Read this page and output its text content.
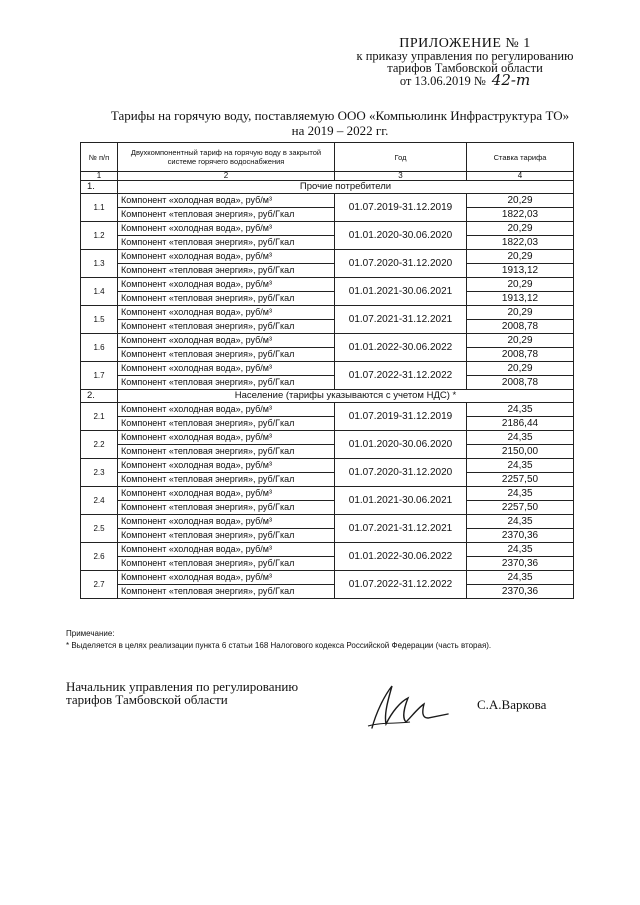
ПРИЛОЖЕНИЕ № 1
к приказу управления по регулированию
тарифов Тамбовской области
от 13.06.2019 № 42-т
Тарифы на горячую воду, поставляемую ООО «Компьюлинк Инфраструктура ТО»
на 2019 – 2022 гг.
№ п/п	Двухкомпонентный тариф на горячую воду в закрытой системе горячего водоснабжения	Год	Ставка тарифа
1	2	3	4
1.	Прочие потребители		
1.1	Компонент «холодная вода», руб/м³	01.07.2019-31.12.2019	20,29
	Компонент «тепловая энергия», руб/Гкал		1822,03
1.2	Компонент «холодная вода», руб/м³	01.01.2020-30.06.2020	20,29
	Компонент «тепловая энергия», руб/Гкал		1822,03
1.3	Компонент «холодная вода», руб/м³	01.07.2020-31.12.2020	20,29
	Компонент «тепловая энергия», руб/Гкал		1913,12
1.4	Компонент «холодная вода», руб/м³	01.01.2021-30.06.2021	20,29
	Компонент «тепловая энергия», руб/Гкал		1913,12
1.5	Компонент «холодная вода», руб/м³	01.07.2021-31.12.2021	20,29
	Компонент «тепловая энергия», руб/Гкал		2008,78
1.6	Компонент «холодная вода», руб/м³	01.01.2022-30.06.2022	20,29
	Компонент «тепловая энергия», руб/Гкал		2008,78
1.7	Компонент «холодная вода», руб/м³	01.07.2022-31.12.2022	20,29
	Компонент «тепловая энергия», руб/Гкал		2008,78
2.	Население (тарифы указываются с учетом НДС) *		
2.1	Компонент «холодная вода», руб/м³	01.07.2019-31.12.2019	24,35
	Компонент «тепловая энергия», руб/Гкал		2186,44
2.2	Компонент «холодная вода», руб/м³	01.01.2020-30.06.2020	24,35
	Компонент «тепловая энергия», руб/Гкал		2150,00
2.3	Компонент «холодная вода», руб/м³	01.07.2020-31.12.2020	24,35
	Компонент «тепловая энергия», руб/Гкал		2257,50
2.4	Компонент «холодная вода», руб/м³	01.01.2021-30.06.2021	24,35
	Компонент «тепловая энергия», руб/Гкал		2257,50
2.5	Компонент «холодная вода», руб/м³	01.07.2021-31.12.2021	24,35
	Компонент «тепловая энергия», руб/Гкал		2370,36
2.6	Компонент «холодная вода», руб/м³	01.01.2022-30.06.2022	24,35
	Компонент «тепловая энергия», руб/Гкал		2370,36
2.7	Компонент «холодная вода», руб/м³	01.07.2022-31.12.2022	24,35
	Компонент «тепловая энергия», руб/Гкал		2370,36
Примечание:
* Выделяется в целях реализации пункта 6 статьи 168 Налогового кодекса Российской Федерации (часть вторая).
Начальник управления по регулированию
тарифов Тамбовской области	С.А.Варкова
